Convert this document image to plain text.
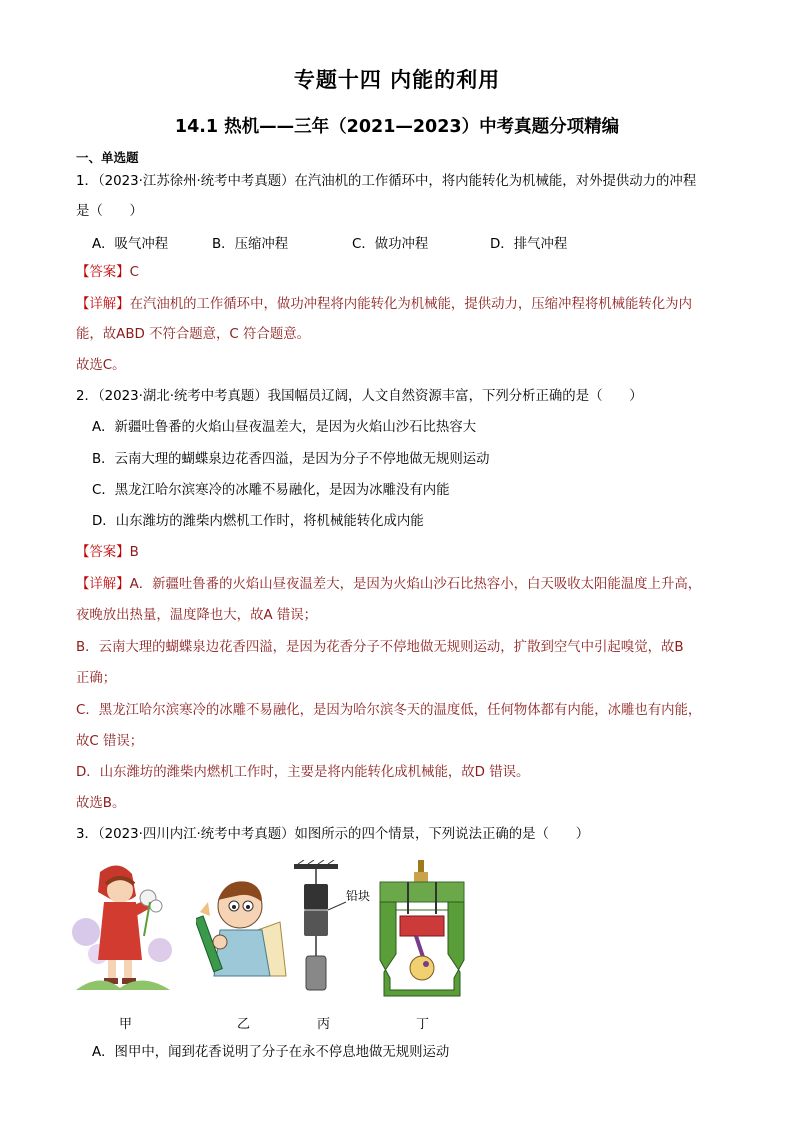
专题十四 内能的利用
14.1 热机——三年（2021—2023）中考真题分项精编
一、单选题
1．（2023·江苏徐州·统考中考真题）在汽油机的工作循环中，将内能转化为机械能，对外提供动力的冲程
是（　　）
A．吸气冲程	B．压缩冲程	C．做功冲程	D．排气冲程
【答案】C
【详解】在汽油机的工作循环中，做功冲程将内能转化为机械能，提供动力，压缩冲程将机械能转化为内
能，故ABD 不符合题意，C 符合题意。
故选C。
2．（2023·湖北·统考中考真题）我国幅员辽阔，人文自然资源丰富，下列分析正确的是（　　）
A．新疆吐鲁番的火焰山昼夜温差大，是因为火焰山沙石比热容大
B．云南大理的蝴蝶泉边花香四溢，是因为分子不停地做无规则运动
C．黑龙江哈尔滨寒冷的冰雕不易融化，是因为冰雕没有内能
D．山东潍坊的潍柴内燃机工作时，将机械能转化成内能
【答案】B
【详解】A．新疆吐鲁番的火焰山昼夜温差大，是因为火焰山沙石比热容小，白天吸收太阳能温度上升高，
夜晚放出热量，温度降也大，故A 错误；
B．云南大理的蝴蝶泉边花香四溢，是因为花香分子不停地做无规则运动，扩散到空气中引起嗅觉，故B
正确；
C．黑龙江哈尔滨寒冷的冰雕不易融化，是因为哈尔滨冬天的温度低，任何物体都有内能，冰雕也有内能，
故C 错误；
D．山东潍坊的潍柴内燃机工作时，主要是将内能转化成机械能，故D 错误。
故选B。
3．（2023·四川内江·统考中考真题）如图所示的四个情景，下列说法正确的是（　　）
铅块
甲	乙	丙	丁
A．图甲中，闻到花香说明了分子在永不停息地做无规则运动
